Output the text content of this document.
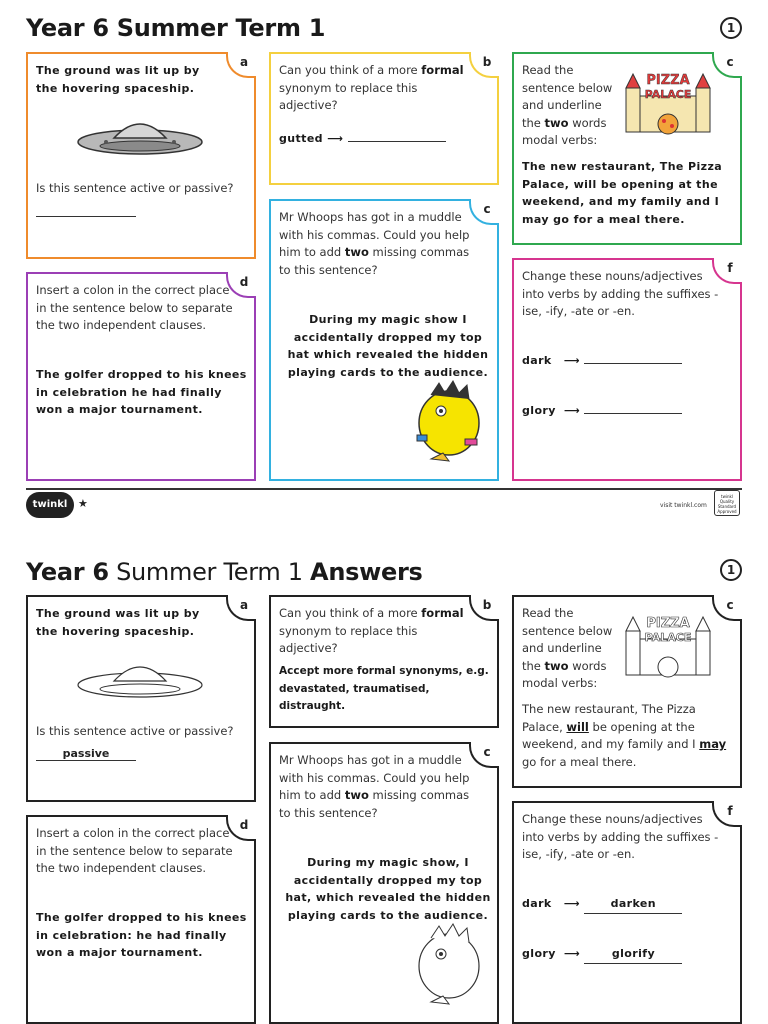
Year 6 Summer Term 1	1
a
The ground was lit up by the hovering spaceship.
Is this sentence active or passive?
b
Can you think of a more formal synonym to replace this adjective?
gutted ⟶
c
Read the sentence below and underline the two words modal verbs:
PIZZA
PALACE
The new restaurant, The Pizza Palace, will be opening at the weekend, and my family and I may go for a meal there.
c
Mr Whoops has got in a muddle with his commas. Could you help him to add two missing commas to this sentence?
During my magic show I accidentally dropped my top hat which revealed the hidden playing cards to the audience.
d
Insert a colon in the correct place in the sentence below to separate the two independent clauses.
The golfer dropped to his knees in celebration he had finally won a major tournament.
f
Change these nouns/adjectives into verbs by adding the suffixes -ise, -ify, -ate or -en.
dark ⟶
glory ⟶
twinkl ★	visit twinkl.com
twinkl Quality Standard Approved
Year 6 Summer Term 1 Answers	1
a
The ground was lit up by the hovering spaceship.
Is this sentence active or passive?
passive
b
Can you think of a more formal synonym to replace this adjective?
Accept more formal synonyms, e.g. devastated, traumatised, distraught.
c
Read the sentence below and underline the two words modal verbs:
PIZZA
PALACE
The new restaurant, The Pizza Palace, will be opening at the weekend, and my family and I may go for a meal there.
c
Mr Whoops has got in a muddle with his commas. Could you help him to add two missing commas to this sentence?
During my magic show, I accidentally dropped my top hat, which revealed the hidden playing cards to the audience.
d
Insert a colon in the correct place in the sentence below to separate the two independent clauses.
The golfer dropped to his knees in celebration: he had finally won a major tournament.
f
Change these nouns/adjectives into verbs by adding the suffixes -ise, -ify, -ate or -en.
dark ⟶	darken
glory ⟶	glorify
